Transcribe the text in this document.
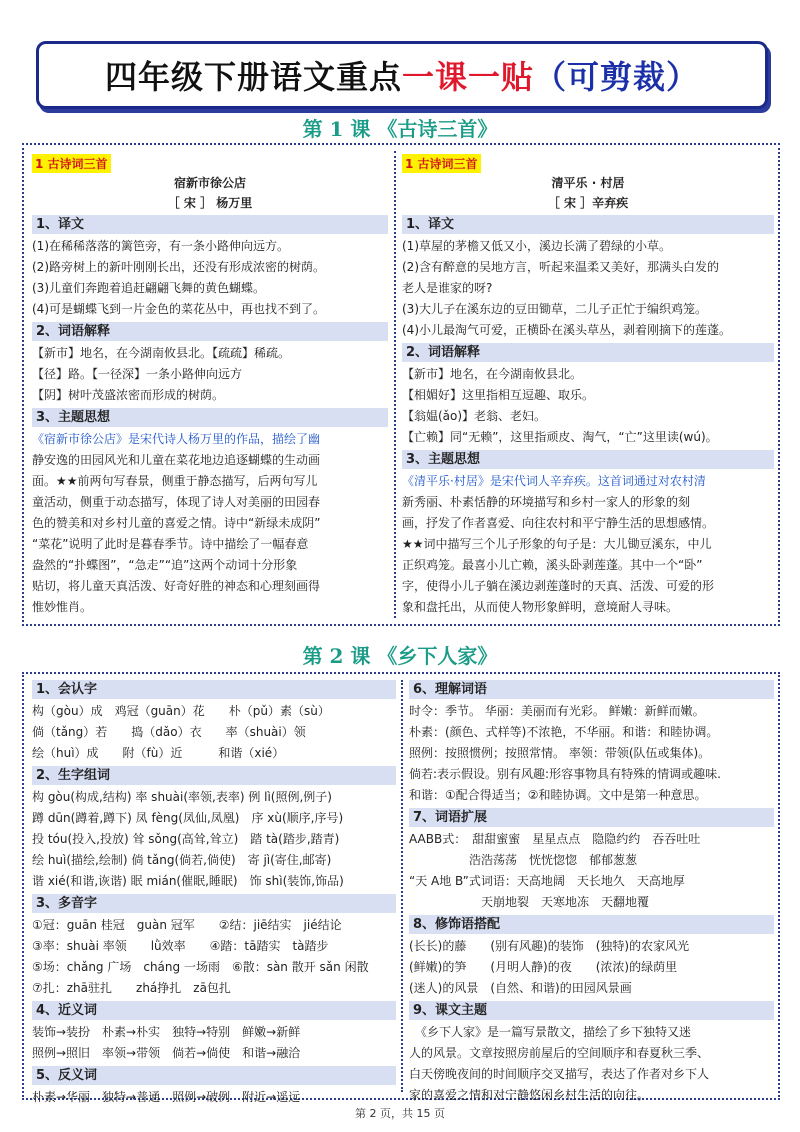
四年级下册语文重点 一课一贴 （可剪裁）
第 1 课 《古诗三首》
1 古诗词三首
宿新市徐公店
［ 宋 ］ 杨万里
1、译文
(1)在稀稀落落的篱笆旁，有一条小路伸向远方。
(2)路旁树上的新叶刚刚长出，还没有形成浓密的树荫。
(3)儿童们奔跑着追赶翩翩飞舞的黄色蝴蝶。
(4)可是蝴蝶飞到一片金色的菜花丛中，再也找不到了。
2、词语解释
【新市】地名，在今湖南攸县北。【疏疏】稀疏。
【径】路。【一径深】一条小路伸向远方
【阴】树叶茂盛浓密而形成的树荫。
3、主题思想
《宿新市徐公店》是宋代诗人杨万里的作品，描绘了幽
静安逸的田园风光和儿童在菜花地边追逐蝴蝶的生动画
面。★★前两句写春景，侧重于静态描写，后两句写儿
童活动，侧重于动态描写，体现了诗人对美丽的田园春
色的赞美和对乡村儿童的喜爱之情。诗中“新绿未成阴”
“菜花”说明了此时是暮春季节。诗中描绘了一幅春意
盎然的“扑蝶图”，“急走”“追”这两个动词十分形象
贴切，将儿童天真活泼、好奇好胜的神态和心理刻画得
惟妙惟肖。
1 古诗词三首
清平乐 · 村居
［ 宋 ］辛弃疾
1、译文
(1)草屋的茅檐又低又小，溪边长满了碧绿的小草。
(2)含有醉意的吴地方言，听起来温柔又美好，那满头白发的
老人是谁家的呀?
(3)大儿子在溪东边的豆田锄草，二儿子正忙于编织鸡笼。
(4)小儿最淘气可爱，正横卧在溪头草丛，剥着刚摘下的莲蓬。
2、词语解释
【新市】地名，在今湖南攸县北。
【相媚好】这里指相互逗趣、取乐。
【翁媪(ǎo)】老翁、老妇。
【亡赖】同“无赖”，这里指顽皮、淘气，“亡”这里读(wú)。
3、主题思想
《清平乐·村居》是宋代词人辛弃疾。这首词通过对农村清
新秀丽、朴素恬静的环境描写和乡村一家人的形象的刻
画，抒发了作者喜爱、向往农村和平宁静生活的思想感情。
★★词中描写三个儿子形象的句子是：大儿锄豆溪东，中儿
正织鸡笼。最喜小儿亡赖，溪头卧剥莲蓬。其中一个“卧”
字，使得小儿子躺在溪边剥莲蓬时的天真、活泼、可爱的形
象和盘托出，从而使人物形象鲜明，意境耐人寻味。
第 2 课 《乡下人家》
1、会认字
构（gòu）成　鸡冠（guān）花　　朴（pǔ）素（sù）
倘（tǎng）若　　捣（dǎo）衣　　率（shuài）领
绘（huì）成　　附（fù）近　　　和谐（xié）
2、生字组词
构 gòu(构成,结构) 率 shuài(率领,表率) 例 lì(照例,例子)
蹲 dūn(蹲着,蹲下) 凤 fèng(凤仙,凤凰)　序 xù(顺序,序号)
投 tóu(投入,投放) 耸 sǒng(高耸,耸立)　踏 tà(踏步,踏青)
绘 huì(描绘,绘制) 倘 tǎng(倘若,倘使)　寄 jì(寄住,邮寄)
谐 xié(和谐,诙谐) 眠 mián(催眠,睡眠)　饰 shì(装饰,饰品)
3、多音字
①冠：guān 桂冠　guàn 冠军　　②结：jiē结实　jié结论
③率：shuài 率领　　lǜ效率　　④踏：tā踏实　tà踏步
⑤场：chǎng 广场　cháng 一场雨　⑥散：sàn 散开 sǎn 闲散
⑦扎：zhā驻扎　　zhá挣扎　zā包扎
4、近义词
装饰→装扮　朴素→朴实　独特→特别　鲜嫩→新鲜
照例→照旧　率领→带领　倘若→倘使　和谐→融洽
5、反义词
朴素→华丽　独特→普通　照例→破例　附近→遥远
6、理解词语
时令：季节。 华丽：美丽而有光彩。 鲜嫩：新鲜而嫩。
朴素：(颜色、式样等)不浓艳，不华丽。和谐：和睦协调。
照例：按照惯例；按照常情。 率领：带领(队伍或集体)。
倘若:表示假设。别有风趣:形容事物具有特殊的情调或趣味.
和谐：①配合得适当；②和睦协调。文中是第一种意思。
7、词语扩展
AABB式：　甜甜蜜蜜　星星点点　隐隐约约　吞吞吐吐
　　　　　浩浩荡荡　恍恍惚惚　郁郁葱葱
“天 A地 B”式词语：天高地阔　天长地久　天高地厚
　　　　　　天崩地裂　天寒地冻　天翻地覆
8、修饰语搭配
(长长)的藤　　(别有风趣)的装饰　(独特)的农家风光
(鲜嫩)的笋　　(月明人静)的夜　　(浓浓)的绿荫里
(迷人)的风景　(自然、和谐)的田园风景画
9、课文主题
　《乡下人家》是一篇写景散文，描绘了乡下独特又迷
人的风景。文章按照房前屋后的空间顺序和春夏秋三季、
白天傍晚夜间的时间顺序交叉描写，表达了作者对乡下人
家的喜爱之情和对宁静悠闲乡村生活的向往。
第 2 页，共 15 页
